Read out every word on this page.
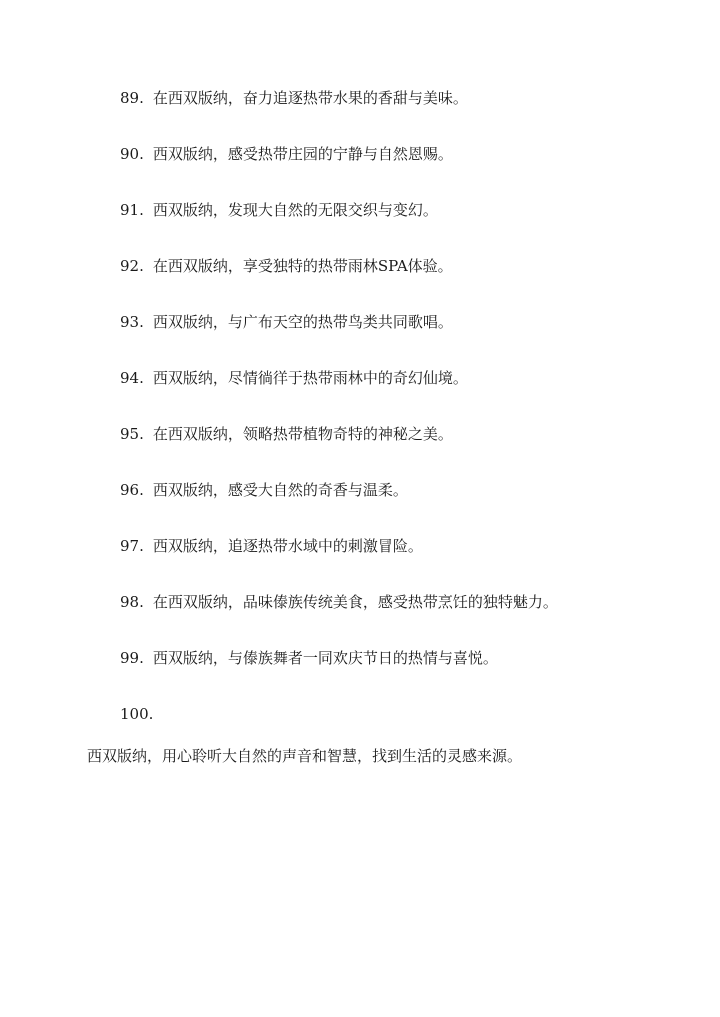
89. 在西双版纳，奋力追逐热带水果的香甜与美味。
90. 西双版纳，感受热带庄园的宁静与自然恩赐。
91. 西双版纳，发现大自然的无限交织与变幻。
92. 在西双版纳，享受独特的热带雨林SPA体验。
93. 西双版纳，与广布天空的热带鸟类共同歌唱。
94. 西双版纳，尽情徜徉于热带雨林中的奇幻仙境。
95. 在西双版纳，领略热带植物奇特的神秘之美。
96. 西双版纳，感受大自然的奇香与温柔。
97. 西双版纳，追逐热带水域中的刺激冒险。
98. 在西双版纳，品味傣族传统美食，感受热带烹饪的独特魅力。
99. 西双版纳，与傣族舞者一同欢庆节日的热情与喜悦。
100.
西双版纳，用心聆听大自然的声音和智慧，找到生活的灵感来源。
